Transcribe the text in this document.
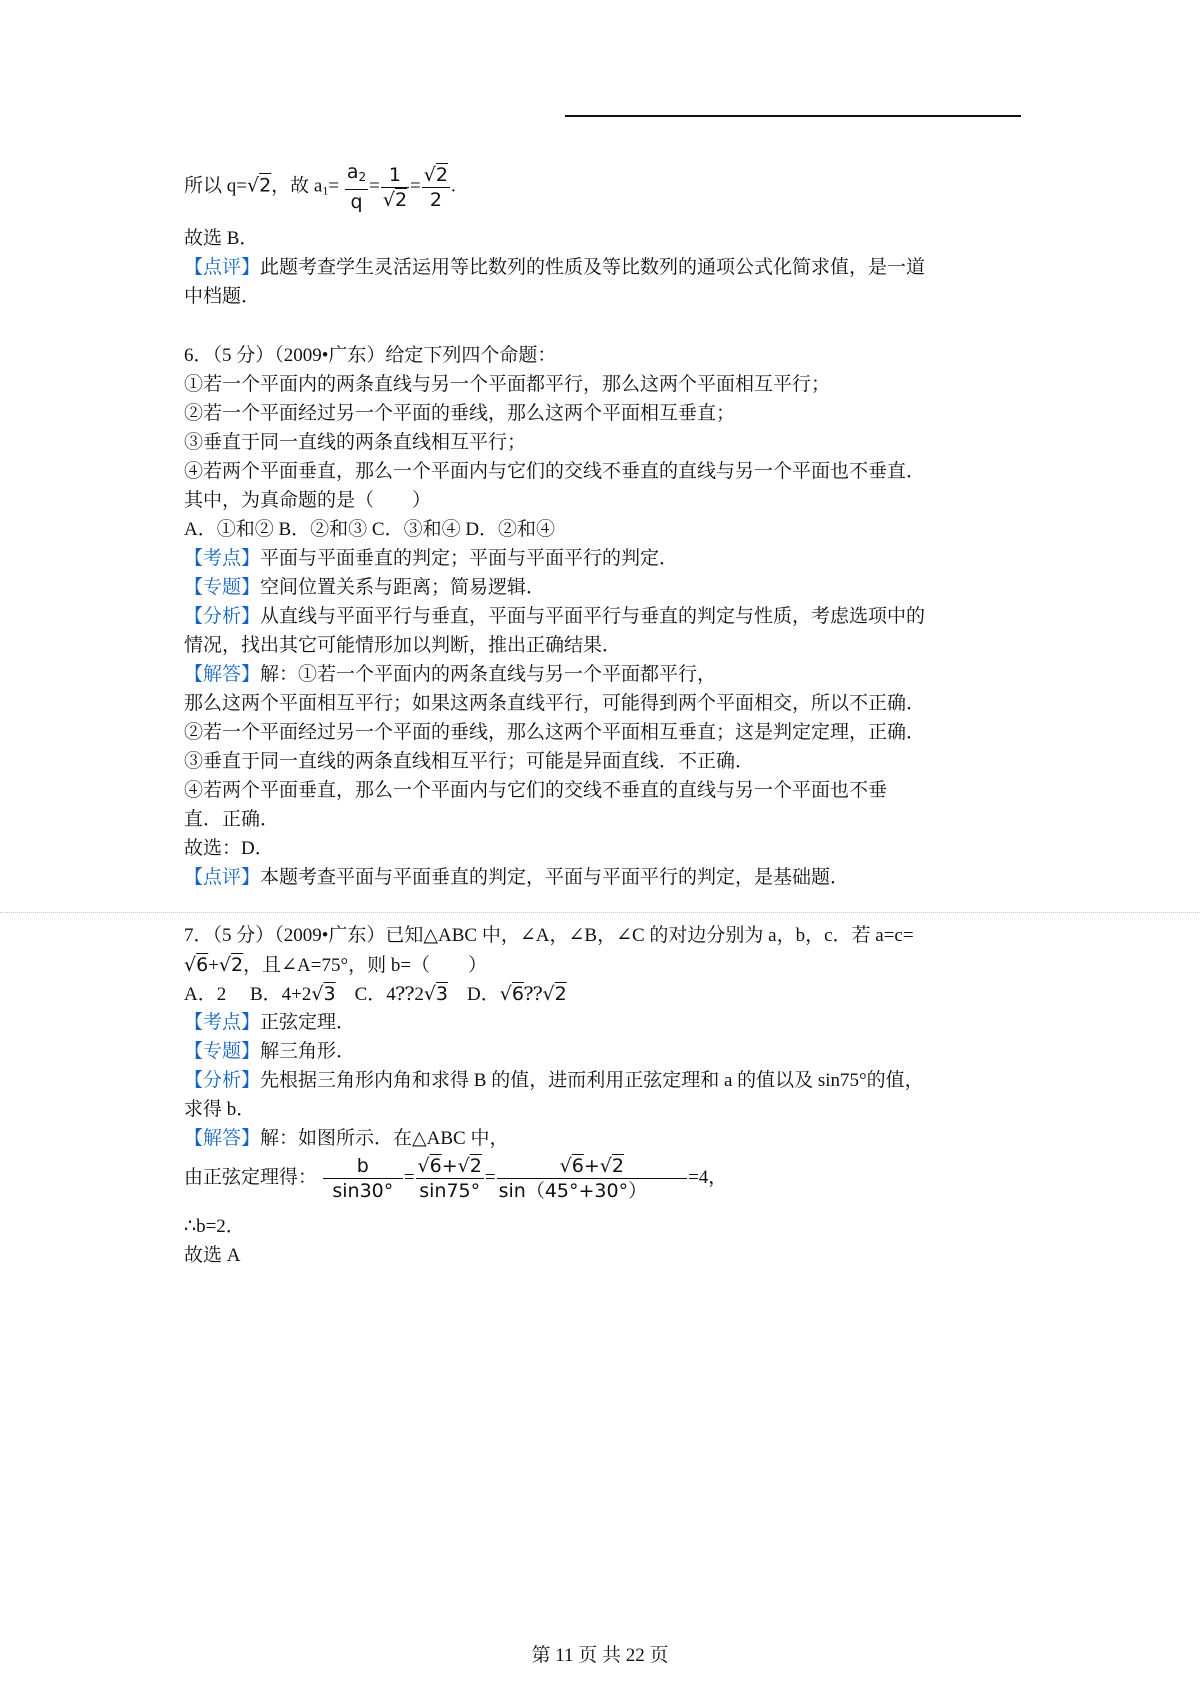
所以 q=√2，故 $a_1= \frac{a_2}{q} = \frac{1}{√2} = \frac{√2}{2}$ .
故选 B．
【点评】此题考查学生灵活运用等比数列的性质及等比数列的通项公式化简求值，是一道
中档题．
6．（5 分）（2009•广东）给定下列四个命题：
①若一个平面内的两条直线与另一个平面都平行，那么这两个平面相互平行；
②若一个平面经过另一个平面的垂线，那么这两个平面相互垂直；
③垂直于同一直线的两条直线相互平行；
④若两个平面垂直，那么一个平面内与它们的交线不垂直的直线与另一个平面也不垂直．
其中，为真命题的是（　　）
A．①和② B．②和③ C．③和④ D．②和④
【考点】平面与平面垂直的判定；平面与平面平行的判定．
【专题】空间位置关系与距离；简易逻辑．
【分析】从直线与平面平行与垂直，平面与平面平行与垂直的判定与性质，考虑选项中的
情况，找出其它可能情形加以判断，推出正确结果．
【解答】解：①若一个平面内的两条直线与另一个平面都平行，
那么这两个平面相互平行；如果这两条直线平行，可能得到两个平面相交，所以不正确．
②若一个平面经过另一个平面的垂线，那么这两个平面相互垂直；这是判定定理，正确．
③垂直于同一直线的两条直线相互平行；可能是异面直线．不正确．
④若两个平面垂直，那么一个平面内与它们的交线不垂直的直线与另一个平面也不垂
直．正确．
故选：D．
【点评】本题考查平面与平面垂直的判定，平面与平面平行的判定，是基础题．
7．（5 分）（2009•广东）已知△ABC 中，∠A，∠B，∠C 的对边分别为 a，b，c．若 a=c=
√6+√2，且∠A=75°，则 b=（　　）
A．2 B．4+2√3 C．4⁇2√3 D．√6⁇√2
【考点】正弦定理．
【专题】解三角形．
【分析】先根据三角形内角和求得 B 的值，进而利用正弦定理和 a 的值以及 sin75°的值，
求得 b．
【解答】解：如图所示．在△ABC 中，
由正弦定理得： $\frac{b}{\sin 30^\circ} = \frac{√6+√2}{\sin 75^\circ} = \frac{√6+√2}{\sin(45^\circ+30^\circ)} =4$，
∴b=2．
故选 A
第 11 页 共 22 页
